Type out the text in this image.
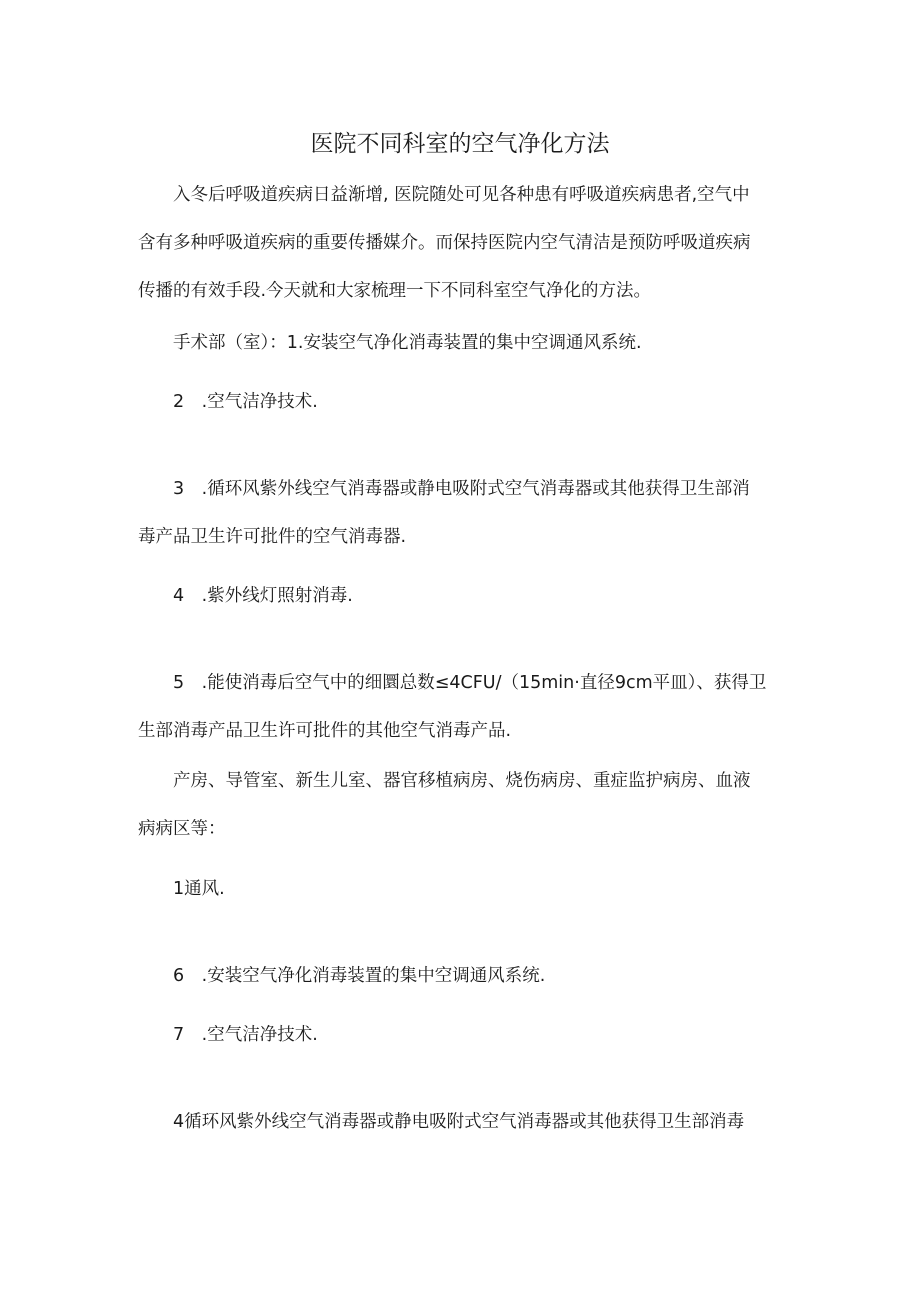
医院不同科室的空气净化方法

入冬后呼吸道疾病日益渐增, 医院随处可见各种患有呼吸道疾病患者,空气中

含有多种呼吸道疾病的重要传播媒介。而保持医院内空气清洁是预防呼吸道疾病

传播的有效手段.今天就和大家梳理一下不同科室空气净化的方法。

手术部（室）：1.安装空气净化消毒装置的集中空调通风系统.

2　.空气洁净技术.

3　.循环风紫外线空气消毒器或静电吸附式空气消毒器或其他获得卫生部消

毒产品卫生许可批件的空气消毒器.

4　.紫外线灯照射消毒.

5　.能使消毒后空气中的细圜总数≤4CFU/（15min·直径9cm平皿）、获得卫

生部消毒产品卫生许可批件的其他空气消毒产品.

产房、导管室、新生儿室、器官移植病房、烧伤病房、重症监护病房、血液

病病区等：

1通风.

6　.安装空气净化消毒装置的集中空调通风系统.

7　.空气洁净技术.

4循环风紫外线空气消毒器或静电吸附式空气消毒器或其他获得卫生部消毒
